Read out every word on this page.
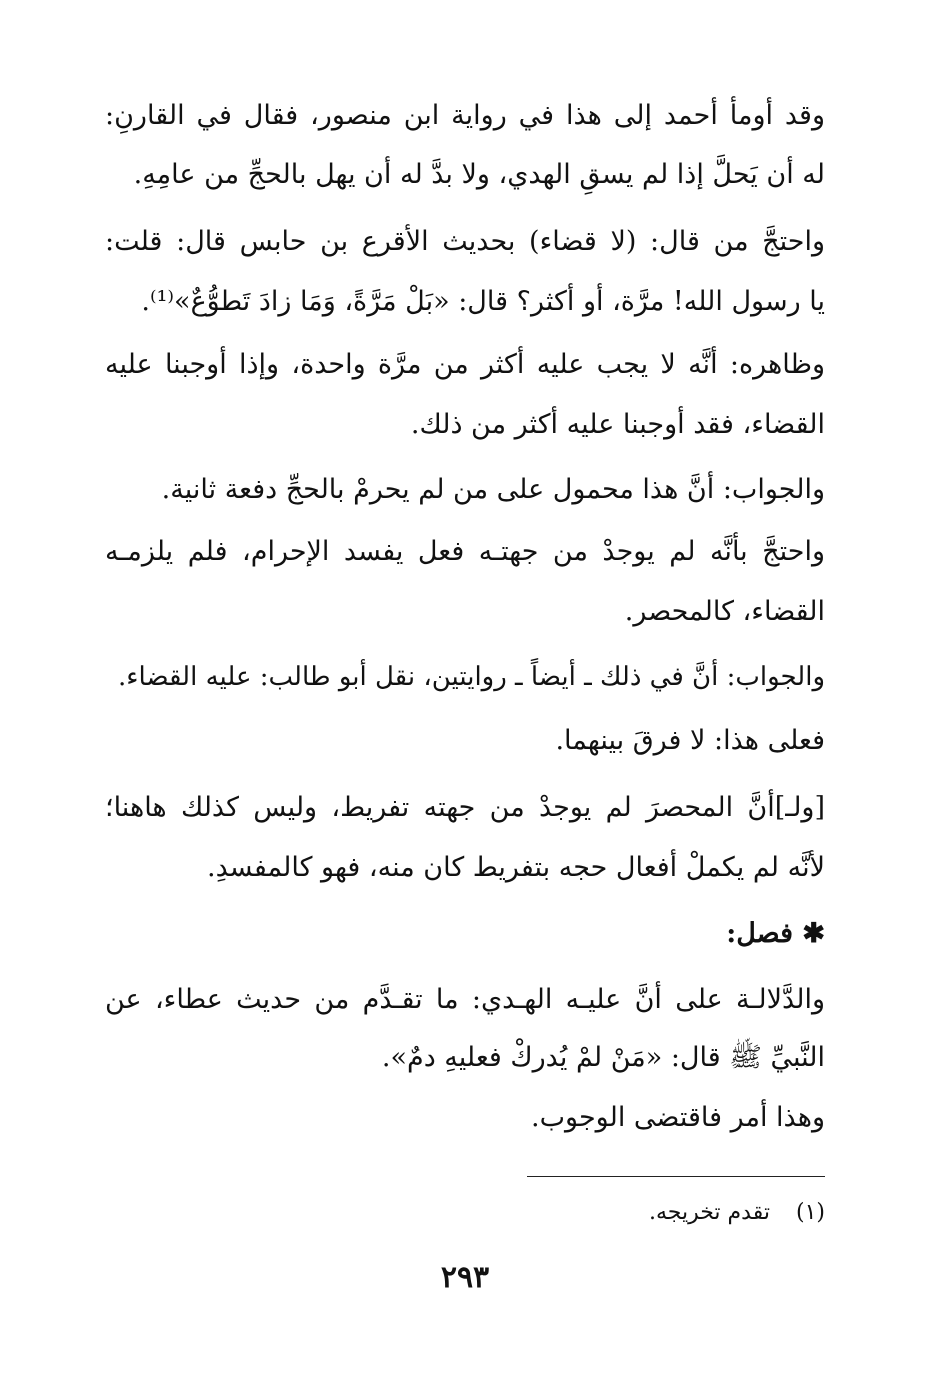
وقد أومأ أحمد إلى هذا في رواية ابن منصور، فقال في القارنِ:
له أن يَحلَّ إذا لم يسقِ الهدي، ولا بدَّ له أن يهل بالحجِّ من عامِهِ.
واحتجَّ من قال: (لا قضاء) بحديث الأقرع بن حابس قال: قلت:
يا رسول الله! مرَّة، أو أكثر؟ قال: «بَلْ مَرَّةً، وَمَا زادَ تَطوُّعٌ»⁽¹⁾.
وظاهره: أنَّه لا يجب عليه أكثر من مرَّة واحدة، وإذا أوجبنا عليه
القضاء، فقد أوجبنا عليه أكثر من ذلك.
والجواب: أنَّ هذا محمول على من لم يحرمْ بالحجِّ دفعة ثانية.
واحتجَّ بأنَّه لم يوجدْ من جهتـه فعل يفسد الإحرام، فلم يلزمـه
القضاء، كالمحصر.
والجواب: أنَّ في ذلك ـ أيضاً ـ روايتين، نقل أبو طالب: عليه القضاء.
فعلى هذا: لا فرقَ بينهما.
[ولـ]أنَّ المحصرَ لم يوجدْ من جهته تفريط، وليس كذلك هاهنا؛
لأنَّه لم يكملْ أفعال حجه بتفريط كان منه، فهو كالمفسدِ.
✱ فصل:
والدَّلالـة على أنَّ عليـه الهـدي: ما تقـدَّم من حديث عطاء، عن
النَّبيِّ ﷺ قال: «مَنْ لمْ يُدركْ فعليهِ دمٌ».
وهذا أمر فاقتضى الوجوب.
(١)تقدم تخريجه.
٢٩٣
